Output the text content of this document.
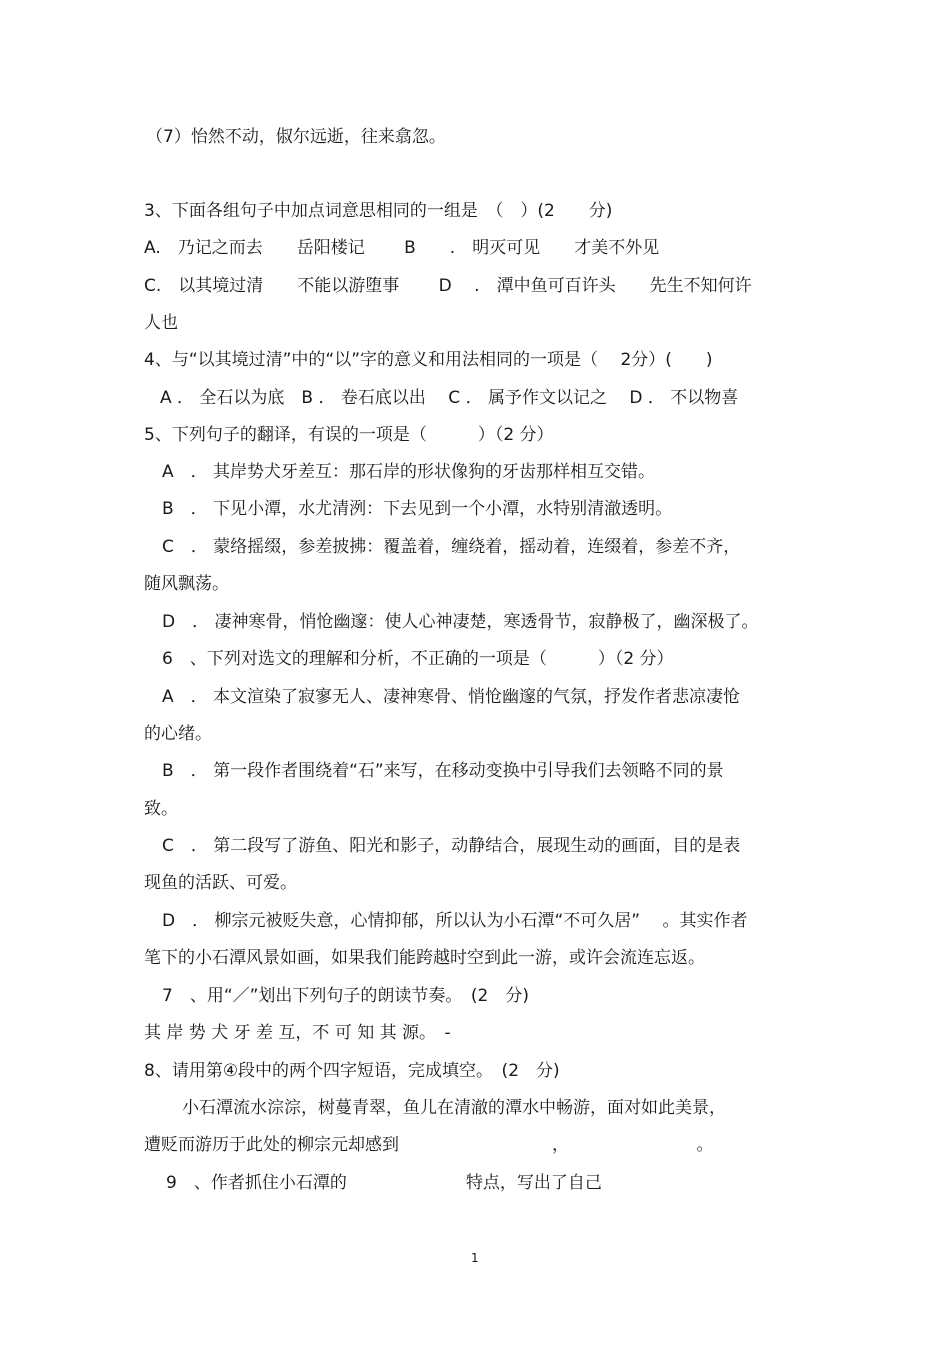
（7）怡然不动，俶尔远逝，往来翕忽。
3、下面各组句子中加点词意思相同的一组是　（　）(2　　分)
A.　乃记之而去　　岳阳楼记　　 B　　.　明灭可见　　才美不外见
C.　以其境过清　　不能以游堕事　　 D　 .　潭中鱼可百许头　　先生不知何许
人也
4、与“以其境过清”中的“以”字的意义和用法相同的一项是（　 2分）(　　)
A ． 全石以为底　B ． 卷石底以出　 C ． 属予作文以记之　 D ． 不以物喜
5、下列句子的翻译，有误的一项是（　　　）（2 分）
A　． 其岸势犬牙差互：那石岸的形状像狗的牙齿那样相互交错。
B　． 下见小潭，水尤清洌：下去见到一个小潭，水特别清澈透明。
C　． 蒙络摇缀，参差披拂：覆盖着，缠绕着，摇动着，连缀着，参差不齐，
随风飘荡。
D　． 凄神寒骨，悄怆幽邃：使人心神凄楚，寒透骨节，寂静极了，幽深极了。
6　、下列对选文的理解和分析，不正确的一项是（　　　）（2 分）
A　． 本文渲染了寂寥无人、凄神寒骨、悄怆幽邃的气氛，抒发作者悲凉凄怆
的心绪。
B　． 第一段作者围绕着“石”来写，在移动变换中引导我们去领略不同的景
致。
C　． 第二段写了游鱼、阳光和影子，动静结合，展现生动的画面，目的是表
现鱼的活跃、可爱。
D　． 柳宗元被贬失意，心情抑郁，所以认为小石潭“不可久居”　 。其实作者
笔下的小石潭风景如画，如果我们能跨越时空到此一游，或许会流连忘返。
7　、用“／”划出下列句子的朗读节奏。　(2　分)
其 岸 势 犬 牙 差 互，不 可 知 其 源。　-
8、请用第④段中的两个四字短语，完成填空。　(2　分)
小石潭流水淙淙，树蔓青翠，鱼儿在清澈的潭水中畅游，面对如此美景，
遭贬而游历于此处的柳宗元却感到　　　　　　　　　，　　　　　　　　。
9　、作者抓住小石潭的　　　　　　　特点，写出了自己
1
